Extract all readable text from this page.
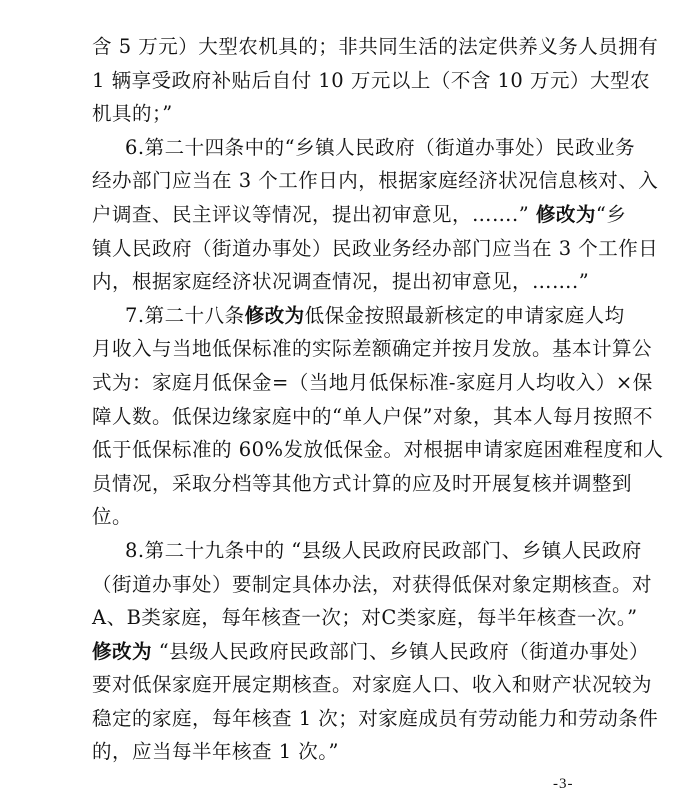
含 5 万元）大型农机具的；非共同生活的法定供养义务人员拥有
1 辆享受政府补贴后自付 10 万元以上（不含 10 万元）大型农
机具的；”
6.第二十四条中的“乡镇人民政府（街道办事处）民政业务
经办部门应当在 3 个工作日内，根据家庭经济状况信息核对、入
户调查、民主评议等情况，提出初审意见，…….” 修改为“乡
镇人民政府（街道办事处）民政业务经办部门应当在 3 个工作日
内，根据家庭经济状况调查情况，提出初审意见，…….”
7.第二十八条修改为低保金按照最新核定的申请家庭人均
月收入与当地低保标准的实际差额确定并按月发放。基本计算公
式为：家庭月低保金=（当地月低保标准-家庭月人均收入）×保
障人数。低保边缘家庭中的“单人户保”对象，其本人每月按照不
低于低保标准的 60%发放低保金。对根据申请家庭困难程度和人
员情况，采取分档等其他方式计算的应及时开展复核并调整到
位。
8.第二十九条中的 “县级人民政府民政部门、乡镇人民政府
（街道办事处）要制定具体办法，对获得低保对象定期核查。对
A、B类家庭，每年核查一次；对C类家庭，每半年核查一次。”
修改为 “县级人民政府民政部门、乡镇人民政府（街道办事处）
要对低保家庭开展定期核查。对家庭人口、收入和财产状况较为
稳定的家庭，每年核查 1 次；对家庭成员有劳动能力和劳动条件
的，应当每半年核查 1 次。”
-3-
